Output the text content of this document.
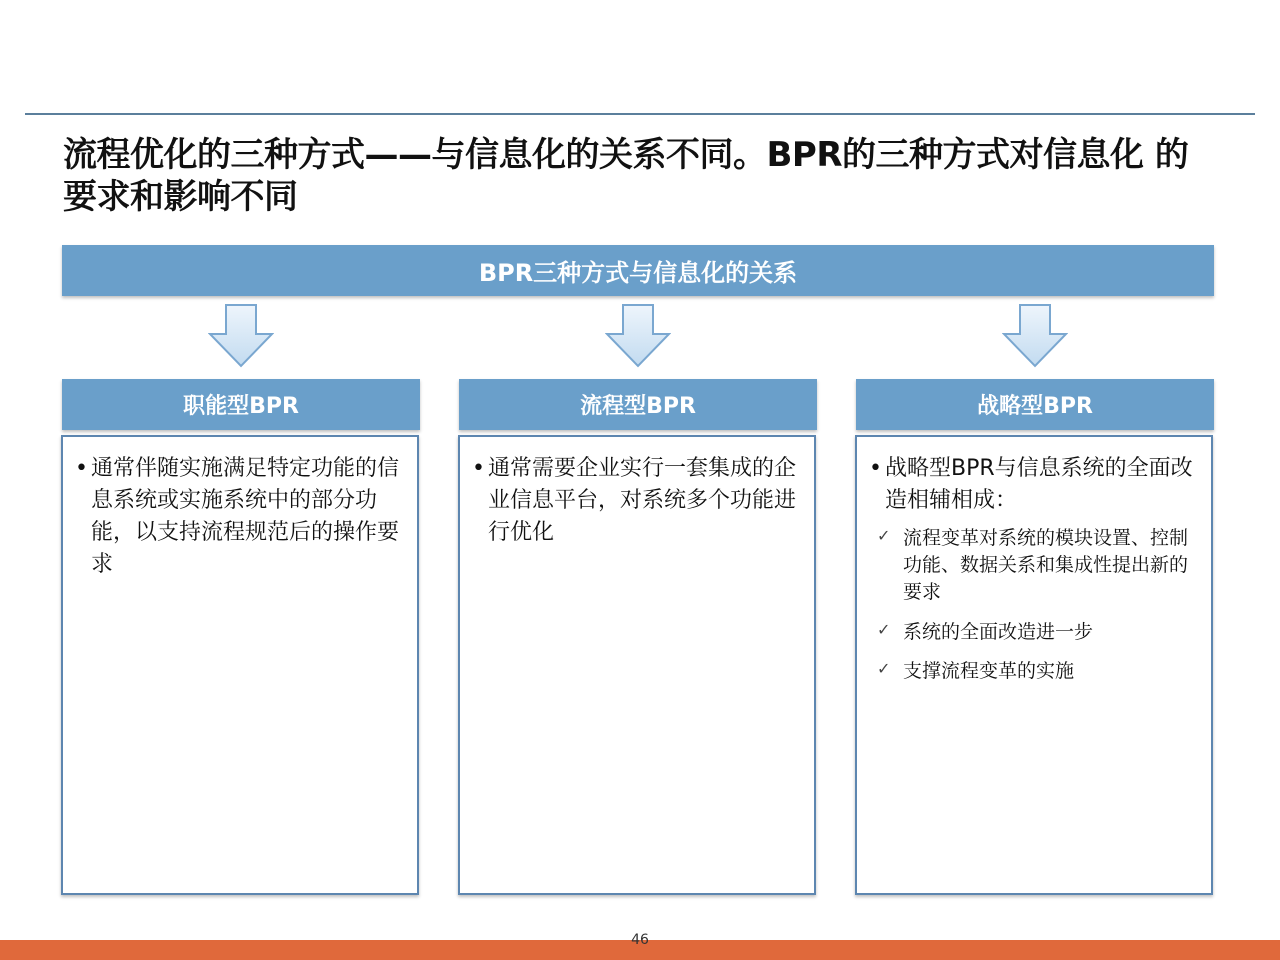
流程优化的三种方式——与信息化的关系不同。BPR的三种方式对信息化 的要求和影响不同
BPR三种方式与信息化的关系
职能型BPR
• 通常伴随实施满足特定功能的信息系统或实施系统中的部分功能，以支持流程规范后的操作要求
流程型BPR
• 通常需要企业实行一套集成的企业信息平台，对系统多个功能进行优化
战略型BPR
• 战略型BPR与信息系统的全面改造相辅相成：
✓ 流程变革对系统的模块设置、控制功能、数据关系和集成性提出新的要求
✓ 系统的全面改造进一步
✓ 支撑流程变革的实施
46
